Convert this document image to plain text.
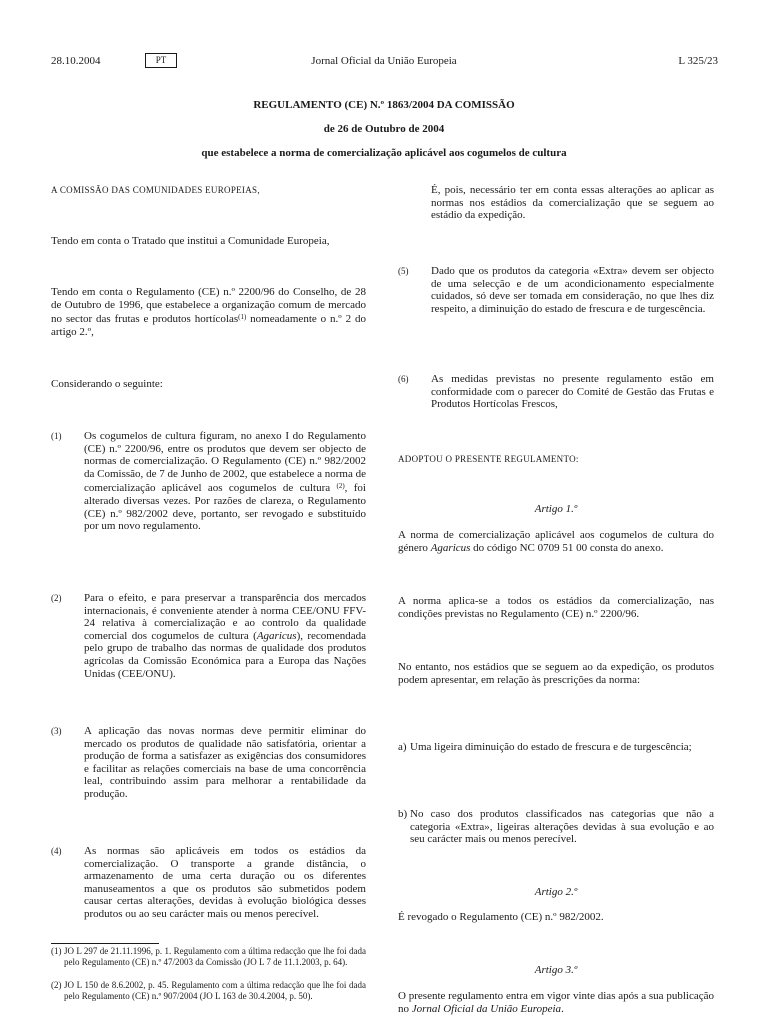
28.10.2004	PT	Jornal Oficial da União Europeia	L 325/23
REGULAMENTO (CE) N.º 1863/2004 DA COMISSÃO
de 26 de Outubro de 2004
que estabelece a norma de comercialização aplicável aos cogumelos de cultura
A COMISSÃO DAS COMUNIDADES EUROPEIAS,
Tendo em conta o Tratado que institui a Comunidade Europeia,
Tendo em conta o Regulamento (CE) n.º 2200/96 do Conselho, de 28 de Outubro de 1996, que estabelece a organização comum de mercado no sector das frutas e produtos hortícolas$^{(1)}$ nomeadamente o n.º 2 do artigo 2.º,
Considerando o seguinte:
(1) Os cogumelos de cultura figuram, no anexo I do Regulamento (CE) n.º 2200/96, entre os produtos que devem ser objecto de normas de comercialização. O Regulamento (CE) n.º 982/2002 da Comissão, de 7 de Junho de 2002, que estabelece a norma de comercialização aplicável aos cogumelos de cultura $^{(2)}$, foi alterado diversas vezes. Por razões de clareza, o Regulamento (CE) n.º 982/2002 deve, portanto, ser revogado e substituído por um novo regulamento.
(2) Para o efeito, e para preservar a transparência dos mercados internacionais, é conveniente atender à norma CEE/ONU FFV-24 relativa à comercialização e ao controlo da qualidade comercial dos cogumelos de cultura (Agaricus), recomendada pelo grupo de trabalho das normas de qualidade dos produtos agrícolas da Comissão Económica para a Europa das Nações Unidas (CEE/ONU).
(3) A aplicação das novas normas deve permitir eliminar do mercado os produtos de qualidade não satisfatória, orientar a produção de forma a satisfazer as exigências dos consumidores e facilitar as relações comerciais na base de uma concorrência leal, contribuindo assim para melhorar a rentabilidade da produção.
(4) As normas são aplicáveis em todos os estádios da comercialização. O transporte a grande distância, o armazenamento de uma certa duração ou os diferentes manuseamentos a que os produtos são submetidos podem causar certas alterações, devidas à evolução biológica desses produtos ou ao seu carácter mais ou menos perecível.
(1) JO L 297 de 21.11.1996, p. 1. Regulamento com a última redacção que lhe foi dada pelo Regulamento (CE) n.º 47/2003 da Comissão (JO L 7 de 11.1.2003, p. 64).
(2) JO L 150 de 8.6.2002, p. 45. Regulamento com a última redacção que lhe foi dada pelo Regulamento (CE) n.º 907/2004 (JO L 163 de 30.4.2004, p. 50).
É, pois, necessário ter em conta essas alterações ao aplicar as normas nos estádios da comercialização que se seguem ao estádio da expedição.
(5) Dado que os produtos da categoria «Extra» devem ser objecto de uma selecção e de um acondicionamento especialmente cuidados, só deve ser tomada em consideração, no que lhes diz respeito, a diminuição do estado de frescura e de turgescência.
(6) As medidas previstas no presente regulamento estão em conformidade com o parecer do Comité de Gestão das Frutas e Produtos Hortícolas Frescos,
ADOPTOU O PRESENTE REGULAMENTO:
Artigo 1.º
A norma de comercialização aplicável aos cogumelos de cultura do género Agaricus do código NC 0709 51 00 consta do anexo.
A norma aplica-se a todos os estádios da comercialização, nas condições previstas no Regulamento (CE) n.º 2200/96.
No entanto, nos estádios que se seguem ao da expedição, os produtos podem apresentar, em relação às prescrições da norma:
a) Uma ligeira diminuição do estado de frescura e de turgescência;
b) No caso dos produtos classificados nas categorias que não a categoria «Extra», ligeiras alterações devidas à sua evolução e ao seu carácter mais ou menos perecível.
Artigo 2.º
É revogado o Regulamento (CE) n.º 982/2002.
Artigo 3.º
O presente regulamento entra em vigor vinte dias após a sua publicação no Jornal Oficial da União Europeia.
